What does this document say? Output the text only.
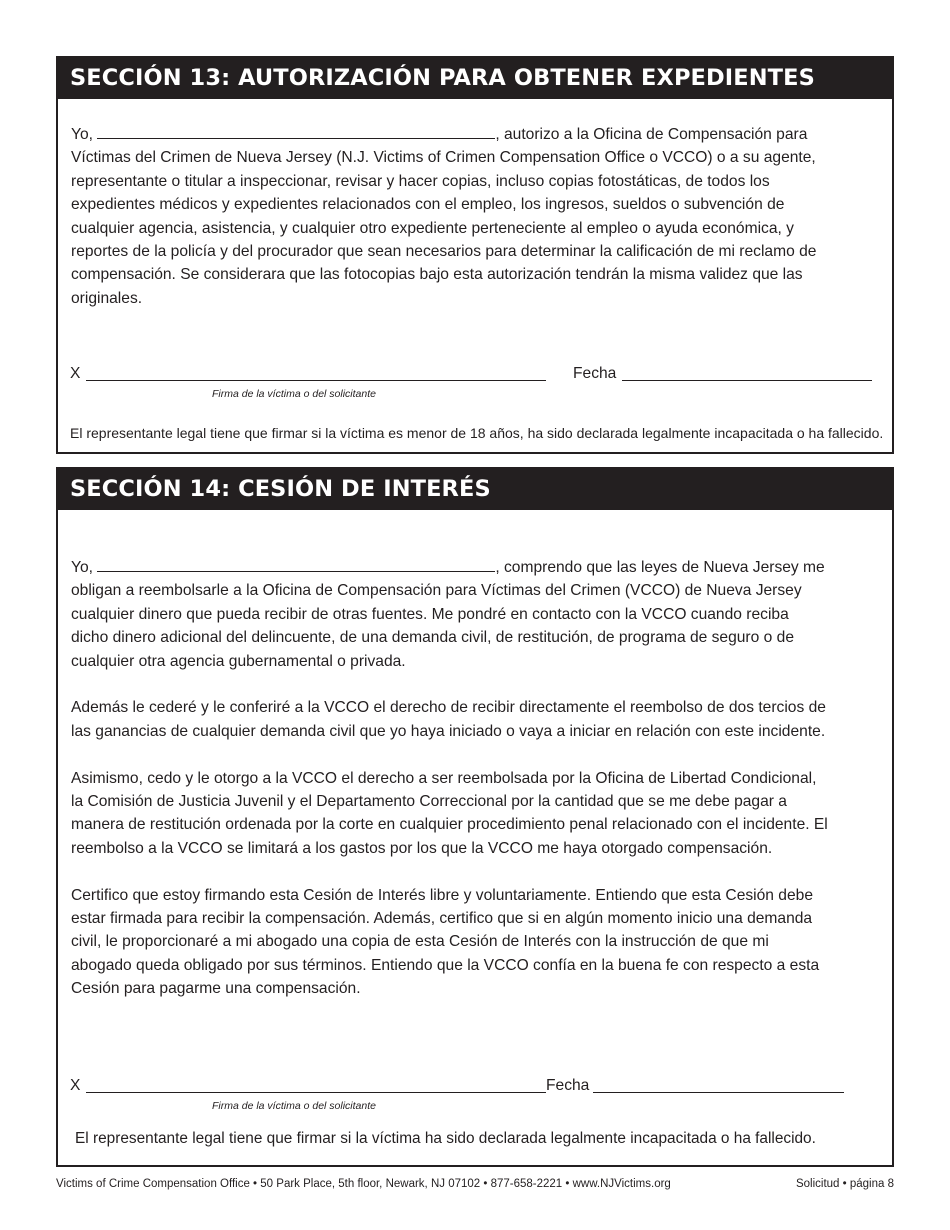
SECCIÓN 13: AUTORIZACIÓN PARA OBTENER EXPEDIENTES
Yo,	, autorizo a la Oficina de Compensación para
Víctimas del Crimen de Nueva Jersey (N.J. Victims of Crimen Compensation Office o VCCO) o a su agente,
representante o titular a inspeccionar, revisar y hacer copias, incluso copias fotostáticas, de todos los
expedientes médicos y expedientes relacionados con el empleo, los ingresos, sueldos o subvención de
cualquier agencia, asistencia, y cualquier otro expediente perteneciente al empleo o ayuda económica, y
reportes de la policía y del procurador que sean necesarios para determinar la calificación de mi reclamo de
compensación. Se considerara que las fotocopias bajo esta autorización tendrán la misma validez que las
originales.
X
Firma de la víctima o del solicitante
Fecha
El representante legal tiene que firmar si la víctima es menor de 18 años, ha sido declarada legalmente incapacitada o ha fallecido.
SECCIÓN 14: CESIÓN DE INTERÉS
Yo,	, comprendo que las leyes de Nueva Jersey me
obligan a reembolsarle a la Oficina de Compensación para Víctimas del Crimen (VCCO) de Nueva Jersey
cualquier dinero que pueda recibir de otras fuentes. Me pondré en contacto con la VCCO cuando reciba
dicho dinero adicional del delincuente, de una demanda civil, de restitución, de programa de seguro o de
cualquier otra agencia gubernamental o privada.
Además le cederé y le conferiré a la VCCO el derecho de recibir directamente el reembolso de dos tercios de
las ganancias de cualquier demanda civil que yo haya iniciado o vaya a iniciar en relación con este incidente.
Asimismo, cedo y le otorgo a la VCCO el derecho a ser reembolsada por la Oficina de Libertad Condicional,
la Comisión de Justicia Juvenil y el Departamento Correccional por la cantidad que se me debe pagar a
manera de restitución ordenada por la corte en cualquier procedimiento penal relacionado con el incidente. El
reembolso a la VCCO se limitará a los gastos por los que la VCCO me haya otorgado compensación.
Certifico que estoy firmando esta Cesión de Interés libre y voluntariamente. Entiendo que esta Cesión debe
estar firmada para recibir la compensación. Además, certifico que si en algún momento inicio una demanda
civil, le proporcionaré a mi abogado una copia de esta Cesión de Interés con la instrucción de que mi
abogado queda obligado por sus términos. Entiendo que la VCCO confía en la buena fe con respecto a esta
Cesión para pagarme una compensación.
X	Fecha
Firma de la víctima o del solicitante
El representante legal tiene que firmar si la víctima ha sido declarada legalmente incapacitada o ha fallecido.
Victims of Crime Compensation Office • 50 Park Place, 5th floor, Newark, NJ 07102 • 877-658-2221 • www.NJVictims.org	Solicitud • página 8
